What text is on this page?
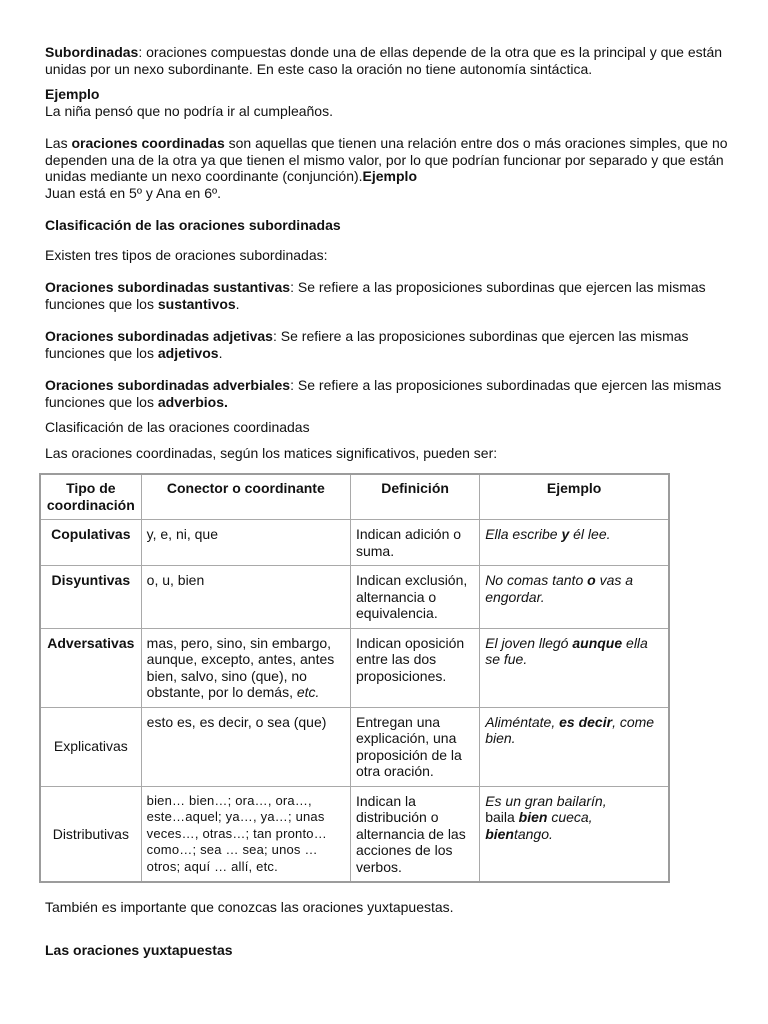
Subordinadas: oraciones compuestas donde una de ellas depende de la otra que es la principal y que están unidas por un nexo subordinante. En este caso la oración no tiene autonomía sintáctica.

Ejemplo

La niña pensó que no podría ir al cumpleaños.

Las oraciones coordinadas son aquellas que tienen una relación entre dos o más oraciones simples, que no dependen una de la otra ya que tienen el mismo valor, por lo que podrían funcionar por separado y que están unidas mediante un nexo coordinante (conjunción).Ejemplo
Juan está en 5º y Ana en 6º.

Clasificación de las oraciones subordinadas

Existen tres tipos de oraciones subordinadas:

Oraciones subordinadas sustantivas: Se refiere a las proposiciones subordinas que ejercen las mismas funciones que los sustantivos.

Oraciones subordinadas adjetivas: Se refiere a las proposiciones subordinas que ejercen las mismas funciones que los adjetivos.

Oraciones subordinadas adverbiales: Se refiere a las proposiciones subordinadas que ejercen las mismas funciones que los adverbios.

Clasificación de las oraciones coordinadas

Las oraciones coordinadas, según los matices significativos, pueden ser:

Tipo de coordinación	Conector o coordinante	Definición	Ejemplo
Copulativas	y, e, ni, que	Indican adición o suma.	Ella escribe y él lee.
Disyuntivas	o, u, bien	Indican exclusión, alternancia o equivalencia.	No comas tanto o vas a engordar.
Adversativas	mas, pero, sino, sin embargo, aunque, excepto, antes, antes bien, salvo, sino (que), no obstante, por lo demás, etc.	Indican oposición entre las dos proposiciones.	El joven llegó aunque ella se fue.
Explicativas	esto es, es decir, o sea (que)	Entregan una explicación, una proposición de la otra oración.	Aliméntate, es decir, come bien.
Distributivas	bien… bien…; ora…, ora…, este…aquel; ya…, ya…; unas veces…, otras…; tan pronto… como…; sea … sea; unos … otros; aquí … allí, etc.	Indican la distribución o alternancia de las acciones de los verbos.	Es un gran bailarín,
baila bien cueca, bientango.

También es importante que conozcas las oraciones yuxtapuestas.

Las oraciones yuxtapuestas
